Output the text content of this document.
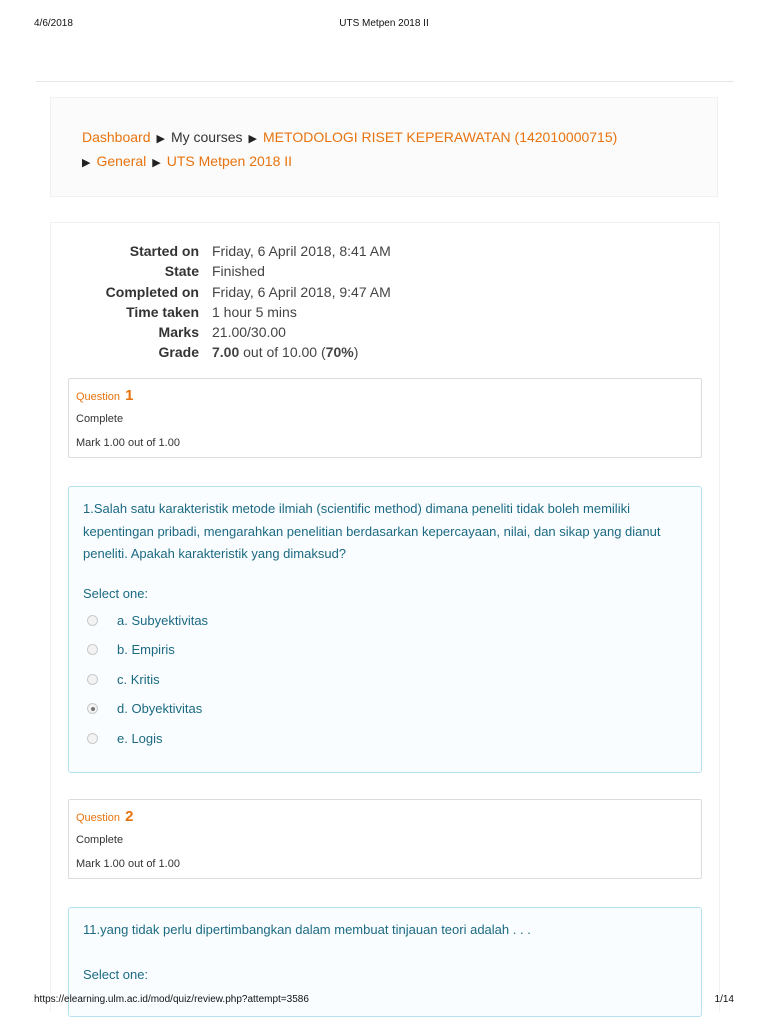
4/6/2018	UTS Metpen 2018 II
Dashboard ▶ My courses ▶ METODOLOGI RISET KEPERAWATAN (142010000715)
▶ General ▶ UTS Metpen 2018 II
Started on Friday, 6 April 2018, 8:41 AM
State Finished
Completed on Friday, 6 April 2018, 9:47 AM
Time taken 1 hour 5 mins
Marks 21.00/30.00
Grade 7.00 out of 10.00 (70%)
Question 1
Complete
Mark 1.00 out of 1.00
1.Salah satu karakteristik metode ilmiah (scientific method) dimana peneliti tidak boleh memiliki kepentingan pribadi, mengarahkan penelitian berdasarkan kepercayaan, nilai, dan sikap yang dianut peneliti. Apakah karakteristik yang dimaksud?
Select one:
a. Subyektivitas
b. Empiris
c. Kritis
d. Obyektivitas
e. Logis
Question 2
Complete
Mark 1.00 out of 1.00
11.yang tidak perlu dipertimbangkan dalam membuat tinjauan teori adalah . . .
Select one:
https://elearning.ulm.ac.id/mod/quiz/review.php?attempt=3586	1/14
